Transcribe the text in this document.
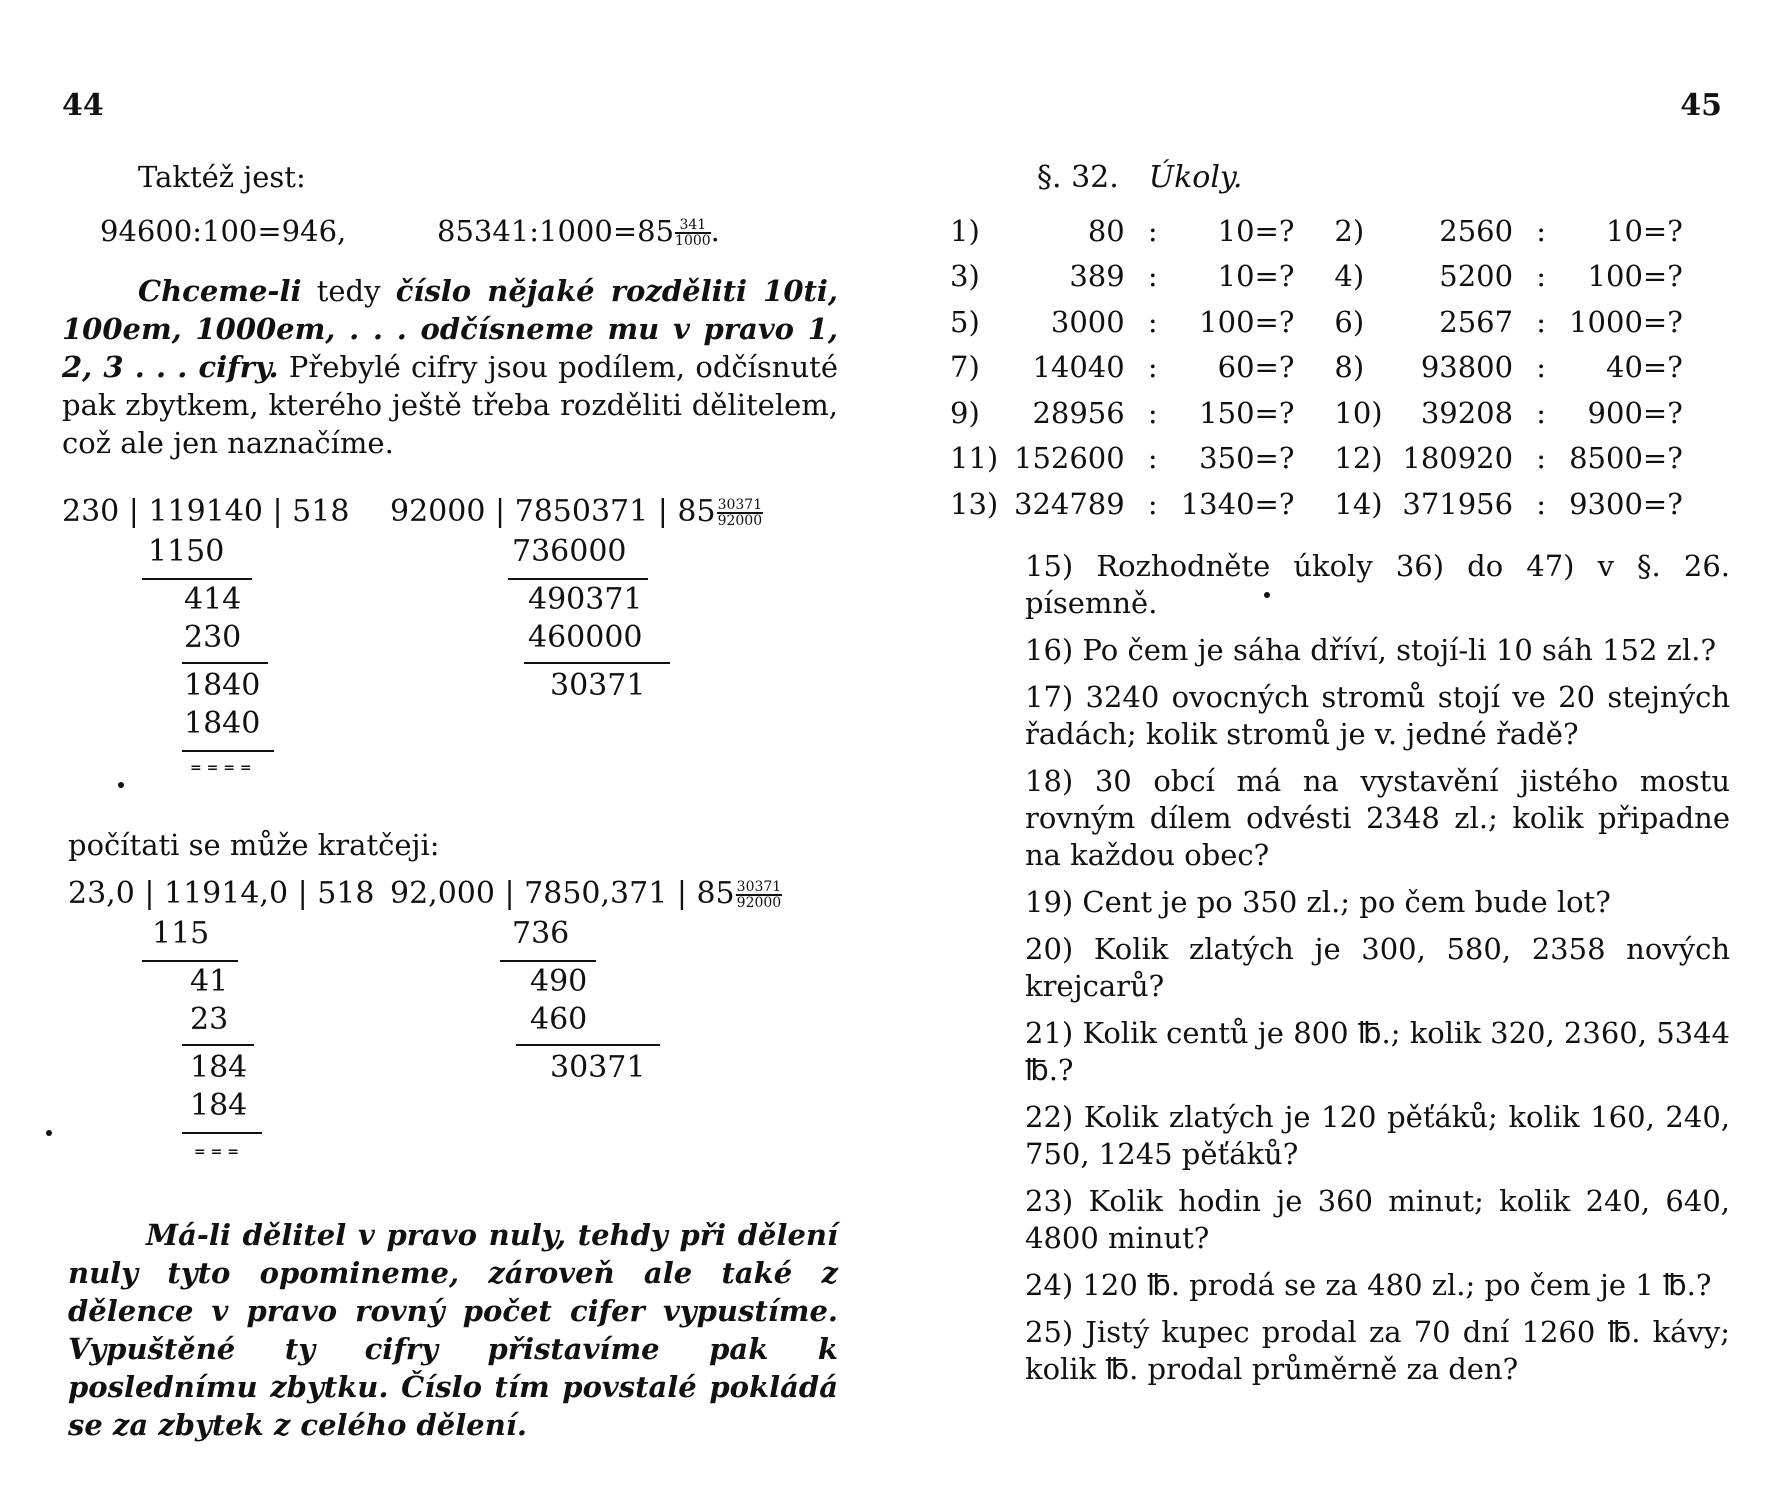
44
Taktéž jest:
94600:100=946,	85341:1000=85 $\frac{341}{1000}$ .
Chceme-li tedy číslo nějaké rozděliti 10ti, 100em, 1000em, . . . odčísneme mu v pravo 1, 2, 3 . . . cifry. Přebylé cifry jsou podílem, odčísnuté pak zbytkem, kterého ještě třeba rozděliti dělitelem, což ale jen naznačíme.
230 | 119140 | 518
1150
414
230
1840
1840
= = = =
92000 | 7850371 | $85 \frac{30371}{92000}$
736000
490371
460000
30371
počítati se může kratčeji:
23,0 | 11914,0 | 518
115
41
23
184
184
= = =
92,000 | 7850,371 | $85 \frac{30371}{92000}$
736
490
460
30371
Má-li dělitel v pravo nuly, tehdy při dělení nuly tyto opomineme, zároveň ale také z dělence v pravo rovný počet cifer vypustíme. Vypuštěné ty cifry přistavíme pak k poslednímu zbytku. Číslo tím povstalé pokládá se za zbytek z celého dělení.
45
§. 32. Úkoly.
1)	80	:	10=?	2)	2560	:	10=?
3)	389	:	10=?	4)	5200	:	100=?
5)	3000	:	100=?	6)	2567	:	1000=?
7)	14040	:	60=?	8)	93800	:	40=?
9)	28956	:	150=?	10)	39208	:	900=?
11)	152600	:	350=?	12)	180920	:	8500=?
13)	324789	:	1340=?	14)	371956	:	9300=?
15) Rozhodněte úkoly 36) do 47) v §. 26. písemně.
16) Po čem je sáha dříví, stojí-li 10 sáh 152 zl.?
17) 3240 ovocných stromů stojí ve 20 stejných řadách; kolik stromů je v. jedné řadě?
18) 30 obcí má na vystavění jistého mostu rovným dílem odvésti 2348 zl.; kolik připadne na každou obec?
19) Cent je po 350 zl.; po čem bude lot?
20) Kolik zlatých je 300, 580, 2358 nových krejcarů?
21) Kolik centů je 800 ℔.; kolik 320, 2360, 5344 ℔.?
22) Kolik zlatých je 120 pěťáků; kolik 160, 240, 750, 1245 pěťáků?
23) Kolik hodin je 360 minut; kolik 240, 640, 4800 minut?
24) 120 ℔. prodá se za 480 zl.; po čem je 1 ℔.?
25) Jistý kupec prodal za 70 dní 1260 ℔. kávy; kolik ℔. prodal průměrně za den?
